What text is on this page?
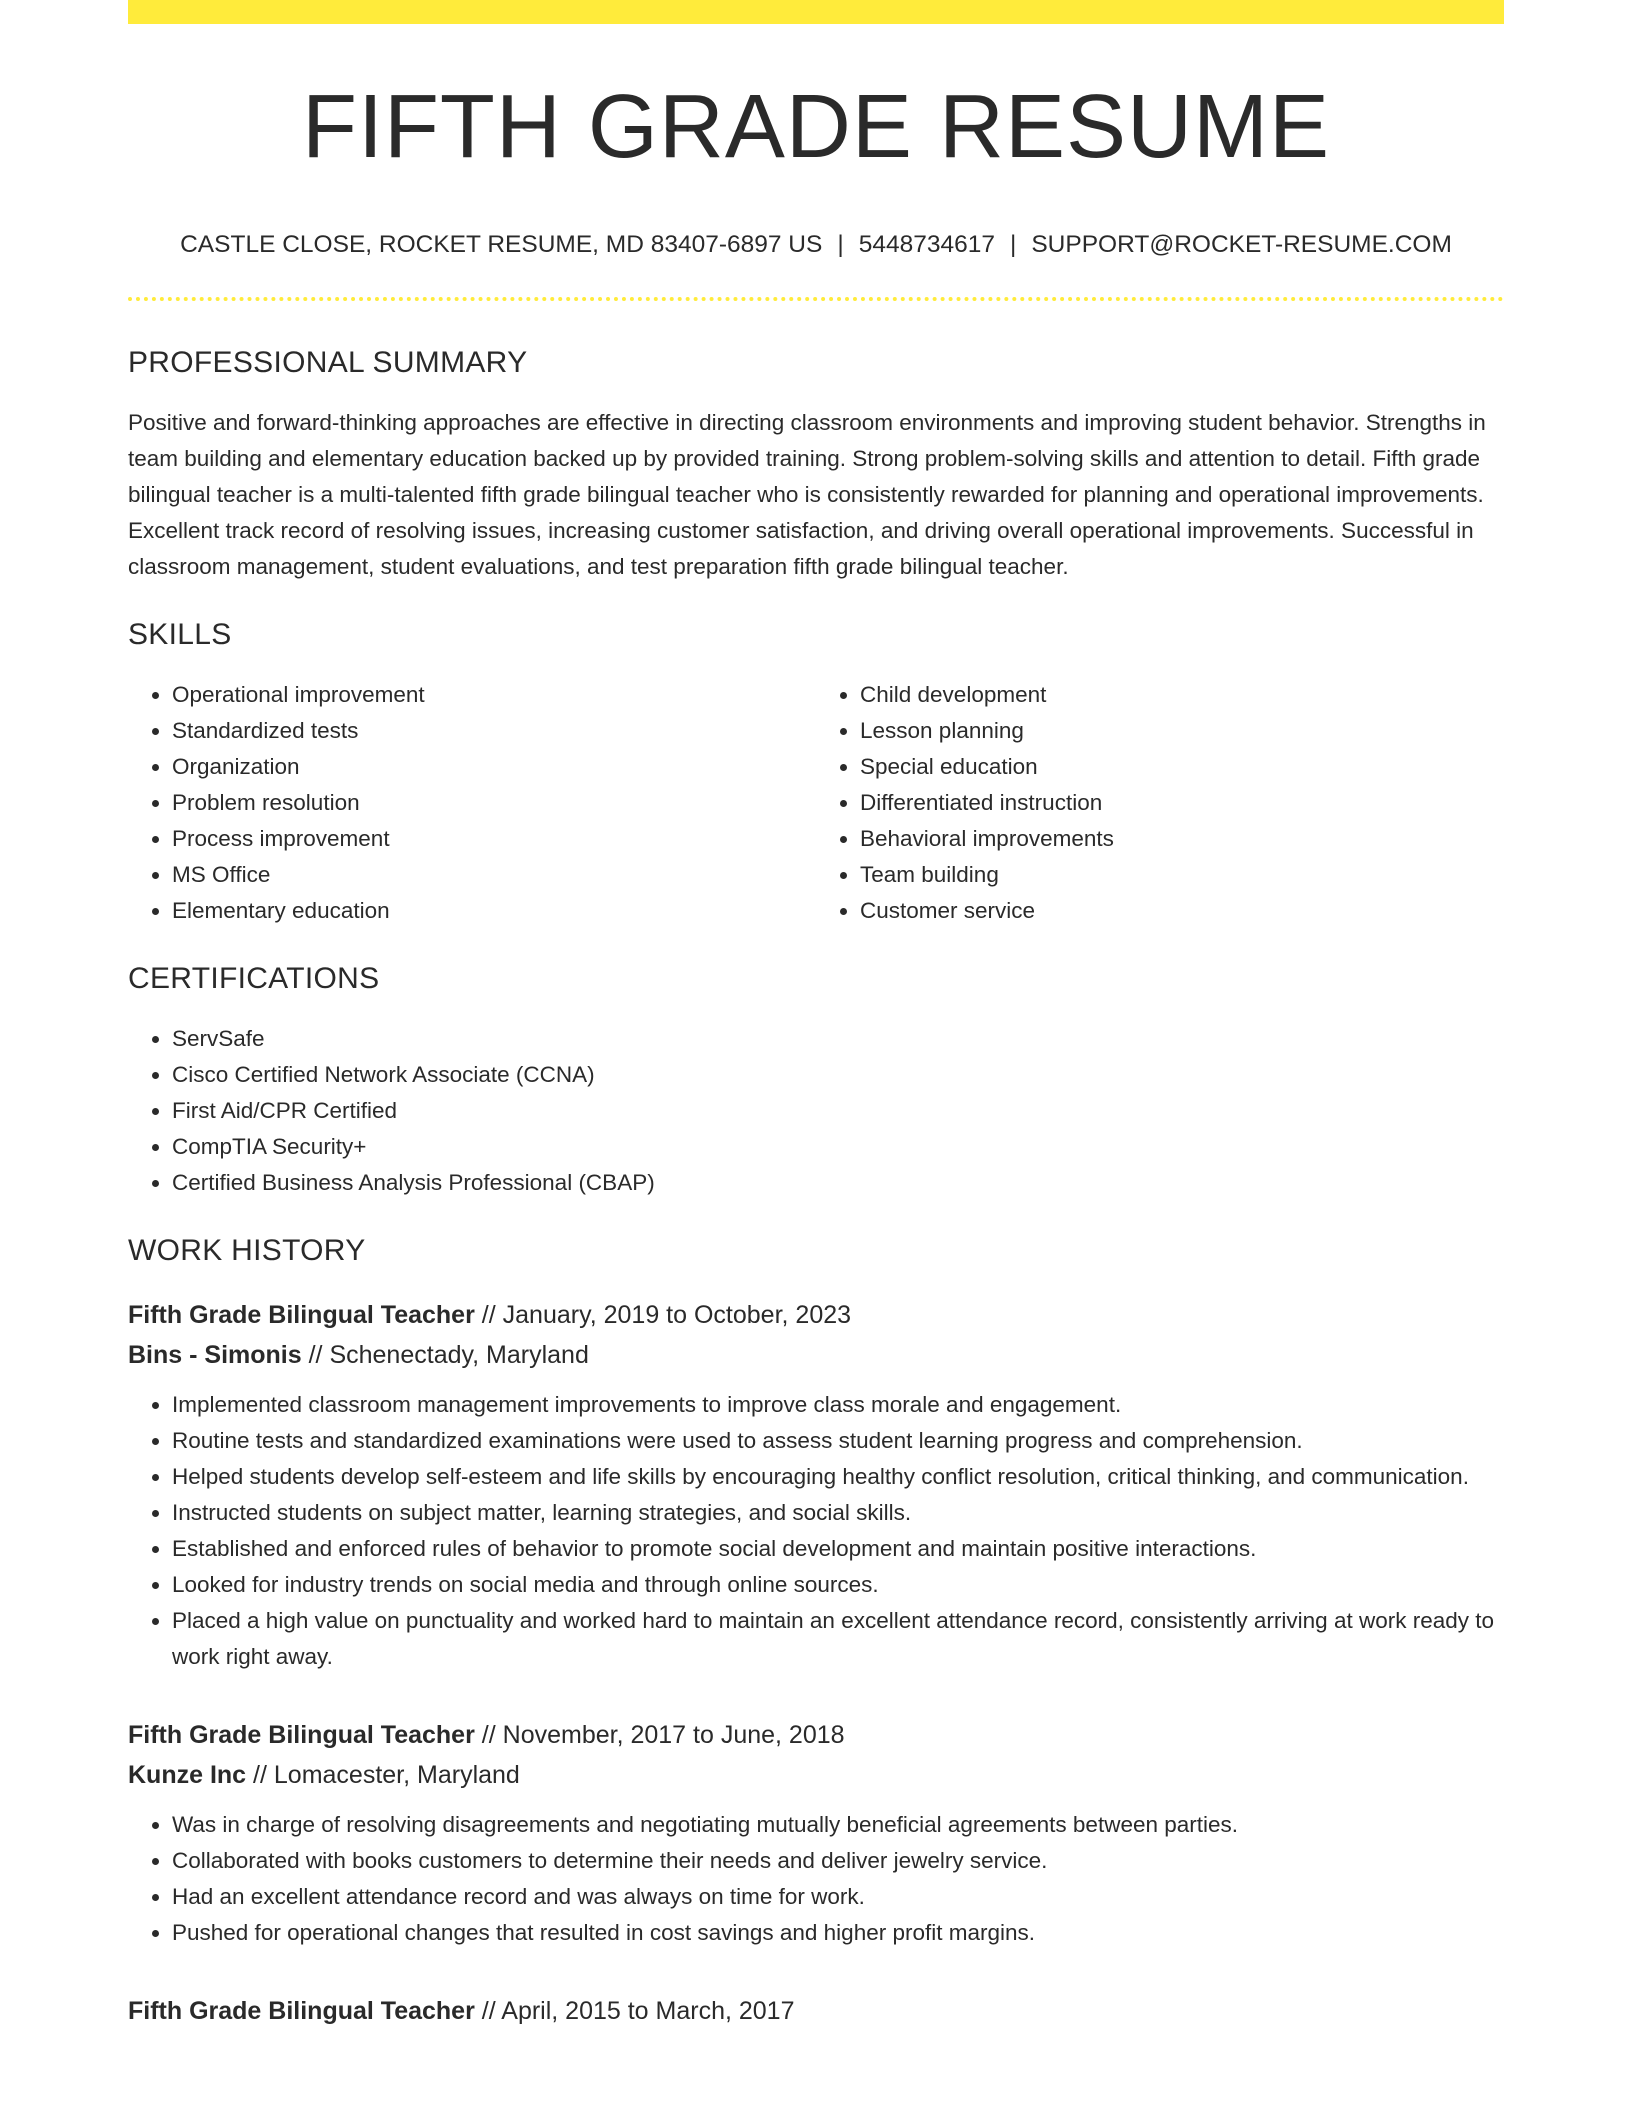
FIFTH GRADE RESUME
CASTLE CLOSE, ROCKET RESUME, MD 83407-6897 US | 5448734617 | SUPPORT@ROCKET-RESUME.COM
PROFESSIONAL SUMMARY

Positive and forward-thinking approaches are effective in directing classroom environments and improving student behavior. Strengths in team building and elementary education backed up by provided training. Strong problem-solving skills and attention to detail. Fifth grade bilingual teacher is a multi-talented fifth grade bilingual teacher who is consistently rewarded for planning and operational improvements. Excellent track record of resolving issues, increasing customer satisfaction, and driving overall operational improvements. Successful in classroom management, student evaluations, and test preparation fifth grade bilingual teacher.

SKILLS
• Operational improvement
• Standardized tests
• Organization
• Problem resolution
• Process improvement
• MS Office
• Elementary education
• Child development
• Lesson planning
• Special education
• Differentiated instruction
• Behavioral improvements
• Team building
• Customer service
CERTIFICATIONS
• ServSafe
• Cisco Certified Network Associate (CCNA)
• First Aid/CPR Certified
• CompTIA Security+
• Certified Business Analysis Professional (CBAP)
WORK HISTORY
Fifth Grade Bilingual Teacher // January, 2019 to October, 2023
Bins - Simonis // Schenectady, Maryland
• Implemented classroom management improvements to improve class morale and engagement.
• Routine tests and standardized examinations were used to assess student learning progress and comprehension.
• Helped students develop self-esteem and life skills by encouraging healthy conflict resolution, critical thinking, and communication.
• Instructed students on subject matter, learning strategies, and social skills.
• Established and enforced rules of behavior to promote social development and maintain positive interactions.
• Looked for industry trends on social media and through online sources.
• Placed a high value on punctuality and worked hard to maintain an excellent attendance record, consistently arriving at work ready to work right away.
Fifth Grade Bilingual Teacher // November, 2017 to June, 2018
Kunze Inc // Lomacester, Maryland
• Was in charge of resolving disagreements and negotiating mutually beneficial agreements between parties.
• Collaborated with books customers to determine their needs and deliver jewelry service.
• Had an excellent attendance record and was always on time for work.
• Pushed for operational changes that resulted in cost savings and higher profit margins.
Fifth Grade Bilingual Teacher // April, 2015 to March, 2017
